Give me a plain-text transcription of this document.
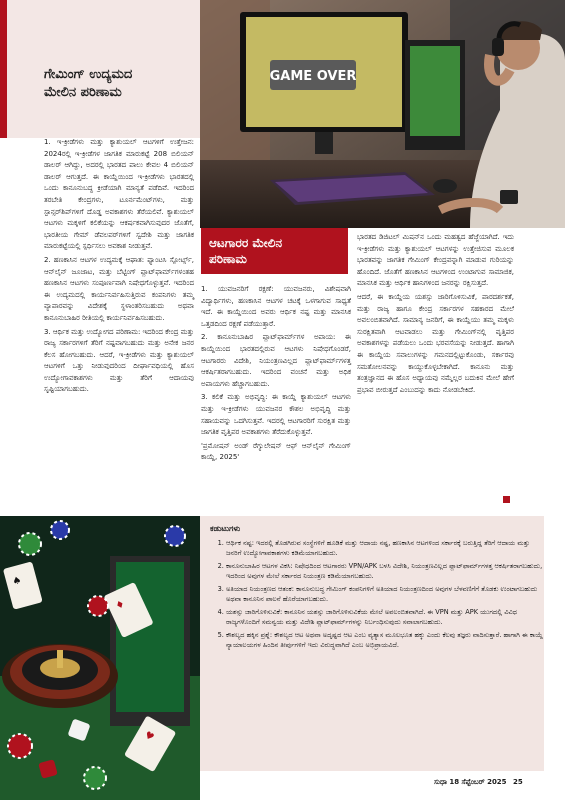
ಗೇಮಿಂಗ್ ಉದ್ಯಮದ
ಮೇಲಿನ ಪರಿಣಾಮ
GAME OVER

1. ಇ-ಕ್ರೀಡೆಗಳು ಮತ್ತು ಕ್ಯಾಶುಯಲ್ ಆಟಗಳಿಗೆ ಉತ್ತೇಜನ: 2024ರಲ್ಲಿ ಇ-ಕ್ರೀಡೆಗಳ ಜಾಗತಿಕ ಮಾರುಕಟ್ಟೆ 208 ಬಿಲಿಯನ್ ಡಾಲರ್ ಆಗಿದ್ದು, ಅದರಲ್ಲಿ ಭಾರತದ ಪಾಲು ಕೇವಲ 4 ಬಿಲಿಯನ್ ಡಾಲರ್ ಆಗುತ್ತದೆ. ಈ ಕಾಯ್ದೆಯಿಂದ ಇ-ಕ್ರೀಡೆಗಳು ಭಾರತದಲ್ಲಿ ಒಂದು ಕಾನೂನುಬದ್ಧ ಕ್ರೀಡೆಯಾಗಿ ಮಾನ್ಯತೆ ಪಡೆದಿವೆ. ಇದರಿಂದ ತರಬೇತಿ ಕೇಂದ್ರಗಳು, ಟೂರ್ನಮೆಂಟ್‌ಗಳು, ಮತ್ತು ಸ್ಪಾನ್ಸರ್‌ಶಿಪ್‌ಗಳಿಗೆ ದೊಡ್ಡ ಅವಕಾಶಗಳು ತೆರೆಯಲಿವೆ. ಕ್ಯಾಶುಯಲ್ ಆಟಗಳು ಮಕ್ಕಳಿಗೆ ಕಲಿಕೆಯನ್ನು ಆಕರ್ಷಕವಾಗಿಸುವುದರ ಜೊತೆಗೆ, ಭಾರತೀಯ ಗೇಮ್ ಡೆವಲಪರ್‌ಗಳಿಗೆ ಸ್ವದೇಶಿ ಮತ್ತು ಜಾಗತಿಕ ಮಾರುಕಟ್ಟೆಯಲ್ಲಿ ಸ್ಪರ್ಧಿಸಲು ಅವಕಾಶ ನೀಡುತ್ತವೆ.

2. ಹಣಕಾಸಿನ ಆಟಗಳ ಉದ್ಯಮಕ್ಕೆ ಆಘಾತ: ಫ್ಯಾಂಟಸಿ ಸ್ಪೋರ್ಟ್ಸ್, ಆನ್‌ಲೈನ್ ಜೂಜಾಟ, ಮತ್ತು ಬೆಟ್ಟಿಂಗ್ ಪ್ಲಾಟ್‌ಫಾರ್ಮ್‌ಗಳಂತಹ ಹಣಕಾಸಿನ ಆಟಗಳು ಸಂಪೂರ್ಣವಾಗಿ ನಿಷೇಧಗೊಳ್ಳುತ್ತವೆ. ಇದರಿಂದ ಈ ಉದ್ಯಮದಲ್ಲಿ ಕಾರ್ಯನಿರ್ವಹಿಸುತ್ತಿರುವ ಕಂಪನಿಗಳು ತಮ್ಮ ವ್ಯಾಪಾರವನ್ನು ವಿದೇಶಕ್ಕೆ ಸ್ಥಳಾಂತರಿಸಬಹುದು ಅಥವಾ ಕಾನೂನುಬಾಹಿರ ರೀತಿಯಲ್ಲಿ ಕಾರ್ಯನಿರ್ವಹಿಸಬಹುದು.

3. ಆರ್ಥಿಕ ಮತ್ತು ಉದ್ಯೋಗದ ಪರಿಣಾಮ: ಇದರಿಂದ ಕೇಂದ್ರ ಮತ್ತು ರಾಜ್ಯ ಸರ್ಕಾರಗಳಿಗೆ ತೆರಿಗೆ ನಷ್ಟವಾಗಬಹುದು ಮತ್ತು ಅನೇಕ ಜನರ ಕೆಲಸ ಹೋಗಬಹುದು. ಆದರೆ, ಇ-ಕ್ರೀಡೆಗಳು ಮತ್ತು ಕ್ಯಾಶುಯಲ್ ಆಟಗಳಿಗೆ ಒತ್ತು ನೀಡುವುದರಿಂದ ದೀರ್ಘಾವಧಿಯಲ್ಲಿ ಹೊಸ ಉದ್ಯೋಗಾವಕಾಶಗಳು ಮತ್ತು ತೆರಿಗೆ ಆದಾಯವು ಸೃಷ್ಟಿಯಾಗಬಹುದು.

ಆಟಗಾರರ ಮೇಲಿನ
ಪರಿಣಾಮ

1. ಯುವಜನರಿಗೆ ರಕ್ಷಣೆ: ಯುವಜನರು, ವಿಶೇಷವಾಗಿ ವಿದ್ಯಾರ್ಥಿಗಳು, ಹಣಕಾಸಿನ ಆಟಗಳ ಚಟಕ್ಕೆ ಒಳಗಾಗುವ ಸಾಧ್ಯತೆ ಇದೆ. ಈ ಕಾಯ್ದೆಯಿಂದ ಅವರು ಆರ್ಥಿಕ ನಷ್ಟ ಮತ್ತು ಮಾನಸಿಕ ಒತ್ತಡದಿಂದ ರಕ್ಷಣೆ ಪಡೆಯುತ್ತಾರೆ.

2. ಕಾನೂನುಬಾಹಿರ ಪ್ಲಾಟ್‌ಫಾರ್ಮ್‌ಗಳ ಅಪಾಯ: ಈ ಕಾಯ್ದೆಯಿಂದ ಭಾರತದಲ್ಲಿರುವ ಆಟಗಳು ನಿಷೇಧಗೊಂಡರೆ, ಆಟಗಾರರು ವಿದೇಶಿ, ನಿಯಂತ್ರಣವಿಲ್ಲದ ಪ್ಲಾಟ್‌ಫಾರ್ಮ್‌ಗಳತ್ತ ಆಕರ್ಷಿತರಾಗಬಹುದು. ಇದರಿಂದ ವಂಚನೆ ಮತ್ತು ಅಧಿಕ ಅಪಾಯಗಳು ಹೆಚ್ಚಾಗಬಹುದು.

3. ಕಲಿಕೆ ಮತ್ತು ಅಭಿವೃದ್ಧಿ: ಈ ಕಾಯ್ದೆ ಕ್ಯಾಶುಯಲ್ ಆಟಗಳು ಮತ್ತು ಇ-ಕ್ರೀಡೆಗಳು ಯುವಜನರ ಕೌಶಲ ಅಭಿವೃದ್ಧಿ ಮತ್ತು ಸಹಾಯವನ್ನು ಒದಗಿಸುತ್ತವೆ. ಇದರಲ್ಲಿ ಆಟಗಾರರಿಗೆ ಸುರಕ್ಷಿತ ಮತ್ತು ಜಾಗತಿಕ ವೃತ್ತಿಪರ ಅವಕಾಶಗಳು ತೆರೆದುಕೊಳ್ಳುತ್ತವೆ.

'ಪ್ರಮೋಷನ್ ಅಂಡ್ ರೆಗ್ಯುಲೇಷನ್ ಆಫ್ ಆನ್‌ಲೈನ್ ಗೇಮಿಂಗ್ ಕಾಯ್ದೆ, 2025'

ಭಾರತದ ಡಿಜಿಟಲ್ ಮಿಷನ್‌ನ ಒಂದು ಮಹತ್ವದ ಹೆಜ್ಜೆಯಾಗಿದೆ. ಇದು ಇ-ಕ್ರೀಡೆಗಳು ಮತ್ತು ಕ್ಯಾಶುಯಲ್ ಆಟಗಳನ್ನು ಉತ್ತೇಜಿಸುವ ಮೂಲಕ ಭಾರತವನ್ನು ಜಾಗತಿಕ ಗೇಮಿಂಗ್ ಕೇಂದ್ರವನ್ನಾಗಿ ಮಾಡುವ ಗುರಿಯನ್ನು ಹೊಂದಿದೆ. ಜೊತೆಗೆ ಹಣಕಾಸಿನ ಆಟಗಳಿಂದ ಉಂಟಾಗುವ ಸಾಮಾಜಿಕ, ಮಾನಸಿಕ ಮತ್ತು ಆರ್ಥಿಕ ಹಾನಿಗಳಿಂದ ಜನರನ್ನು ರಕ್ಷಿಸುತ್ತದೆ.

ಆದರೆ, ಈ ಕಾಯ್ದೆಯ ಯಶಸ್ಸು ಜಾರಿಗೊಳಿಸುವಿಕೆ, ಪಾರದರ್ಶಕತೆ, ಮತ್ತು ರಾಜ್ಯ ಹಾಗೂ ಕೇಂದ್ರ ಸರ್ಕಾರಗಳ ಸಹಕಾರದ ಮೇಲೆ ಅವಲಂಬಿತವಾಗಿದೆ. ಸಾಮಾನ್ಯ ಜನರಿಗೆ, ಈ ಕಾಯ್ದೆಯು ತಮ್ಮ ಮಕ್ಕಳು ಸುರಕ್ಷಿತವಾಗಿ ಆಟವಾಡಲು ಮತ್ತು ಗೇಮಿಂಗ್‌ನಲ್ಲಿ ವೃತ್ತಿಪರ ಅವಕಾಶಗಳನ್ನು ಪಡೆಯಲು ಒಂದು ಭರವಸೆಯನ್ನು ನೀಡುತ್ತದೆ. ಹಾಗಾಗಿ ಈ ಕಾಯ್ದೆಯ ಸವಾಲುಗಳನ್ನು ಗಮನದಲ್ಲಿಟ್ಟುಕೊಂಡು, ಸರ್ಕಾರವು ಸಮತೋಲನವನ್ನು ಕಾಯ್ದುಕೊಳ್ಳಬೇಕಾಗಿದೆ. ಕಾನೂನು ಮತ್ತು ತಂತ್ರಜ್ಞಾನದ ಈ ಹೊಸ ಅಧ್ಯಾಯವು ನಮ್ಮೆಲ್ಲರ ಬದುಕಿನ ಮೇಲೆ ಹೇಗೆ ಪ್ರಭಾವ ಬೀರುತ್ತದೆ ಎಂಬುದನ್ನು ಕಾದು ನೋಡಬೇಕಿದೆ.

♦
♥
♠
ಕಡುಟುಗಳು
1. ಆರ್ಥಿಕ ನಷ್ಟ: ಇದರಲ್ಲಿ ತೊಡಗಿರುವ ಸಂಸ್ಥೆಗಳಿಗೆ ಹೂಡಿಕೆ ಮತ್ತು ಆದಾಯ ನಷ್ಟ, ಹಣಕಾಸಿನ ಆಟಗಳಿಂದ ಸರ್ಕಾರಕ್ಕೆ ಬರುತ್ತಿದ್ದ ತೆರಿಗೆ ಆದಾಯ ಮತ್ತು ಜನರಿಗೆ ಉದ್ಯೋಗಾವಕಾಶಗಳು ಕಡಿಮೆಯಾಗಬಹುದು.
2. ಕಾನೂನುಬಾಹಿರ ಆಟಗಳ ವಿಕಸಿ: ನಿಷೇಧದಿಂದ ಆಟಗಾರರು VPN/APK ಬಳಸಿ ವಿದೇಶಿ, ನಿಯಂತ್ರಣವಿಲ್ಲದ ಪ್ಲಾಟ್‌ಫಾರ್ಮ್‌ಗಳತ್ತ ಆಕರ್ಷಿತರಾಗಬಹುದು, ಇದರಿಂದ ಅವುಗಳ ಮೇಲೆ ಸರ್ಕಾರದ ನಿಯಂತ್ರಣ ಕಡಿಮೆಯಾಗಬಹುದು.
3. ಅತಿಯಾದ ನಿಯಂತ್ರಣದ ಆತಂಕ: ಕಾನೂನುಬದ್ಧ ಗೇಮಿಂಗ್ ಕಂಪನಿಗಳಿಗೆ ಅತಿಯಾದ ನಿಯಂತ್ರಣದಿಂದ ಅವುಗಳ ಬೆಳವಣಿಗೆಗೆ ತೊಡಕು ಉಂಟಾಗಬಹುದು ಅಥವಾ ಕಾನೂನಿನ ಪಾಲನೆ ಹೊರೆಯಾಗಬಹುದು.
4. ಯಶಸ್ಸು ಜಾರಿಗೊಳಿಸುವಿಕೆ: ಕಾನೂನಿನ ಯಶಸ್ಸು ಜಾರಿಗೊಳಿಸುವಿಕೆಯ ಮೇಲೆ ಅವಲಂಬಿತವಾಗಿದೆ. ಈ VPN ಮತ್ತು APK ಯುಗದಲ್ಲಿ ವಿವಿಧ ರಾಜ್ಯಗಳೊಂದಿಗೆ ಸಮನ್ವಯ ಮತ್ತು ವಿದೇಶಿ ಪ್ಲಾಟ್‌ಫಾರ್ಮ್‌ಗಳನ್ನು ನಿರ್ಬಂಧಿಸುವುದು ಸವಾಲಾಗಬಹುದು.
5. ಕೌಶಲ್ಯದ ಹಕ್ಕಿನ ಪ್ರಶ್ನೆ: ಕೌಶಲ್ಯದ ಆಟ ಅಥವಾ ಅದೃಷ್ಟದ ಆಟ ಎಂಬ ವ್ಯತ್ಯಾಸ ಮೂಲಭೂತ ಹಕ್ಕು ಎಂದು ಕೆಲವು ತಜ್ಞರು ವಾದಿಸುತ್ತಾರೆ. ಹಾಗಾಗಿ ಈ ಕಾಯ್ದೆ ನ್ಯಾಯಾಲಯಗಳ ಹಿಂದಿನ ತೀರ್ಪುಗಳಿಗೆ ಇದು ವಿರುದ್ಧವಾಗಿದೆ ಎಂಬ ಅಭಿಪ್ರಾಯವಿದೆ.
ಸುಧಾ 18 ಸೆಪ್ಟೆಂಬರ್ 2025 25
